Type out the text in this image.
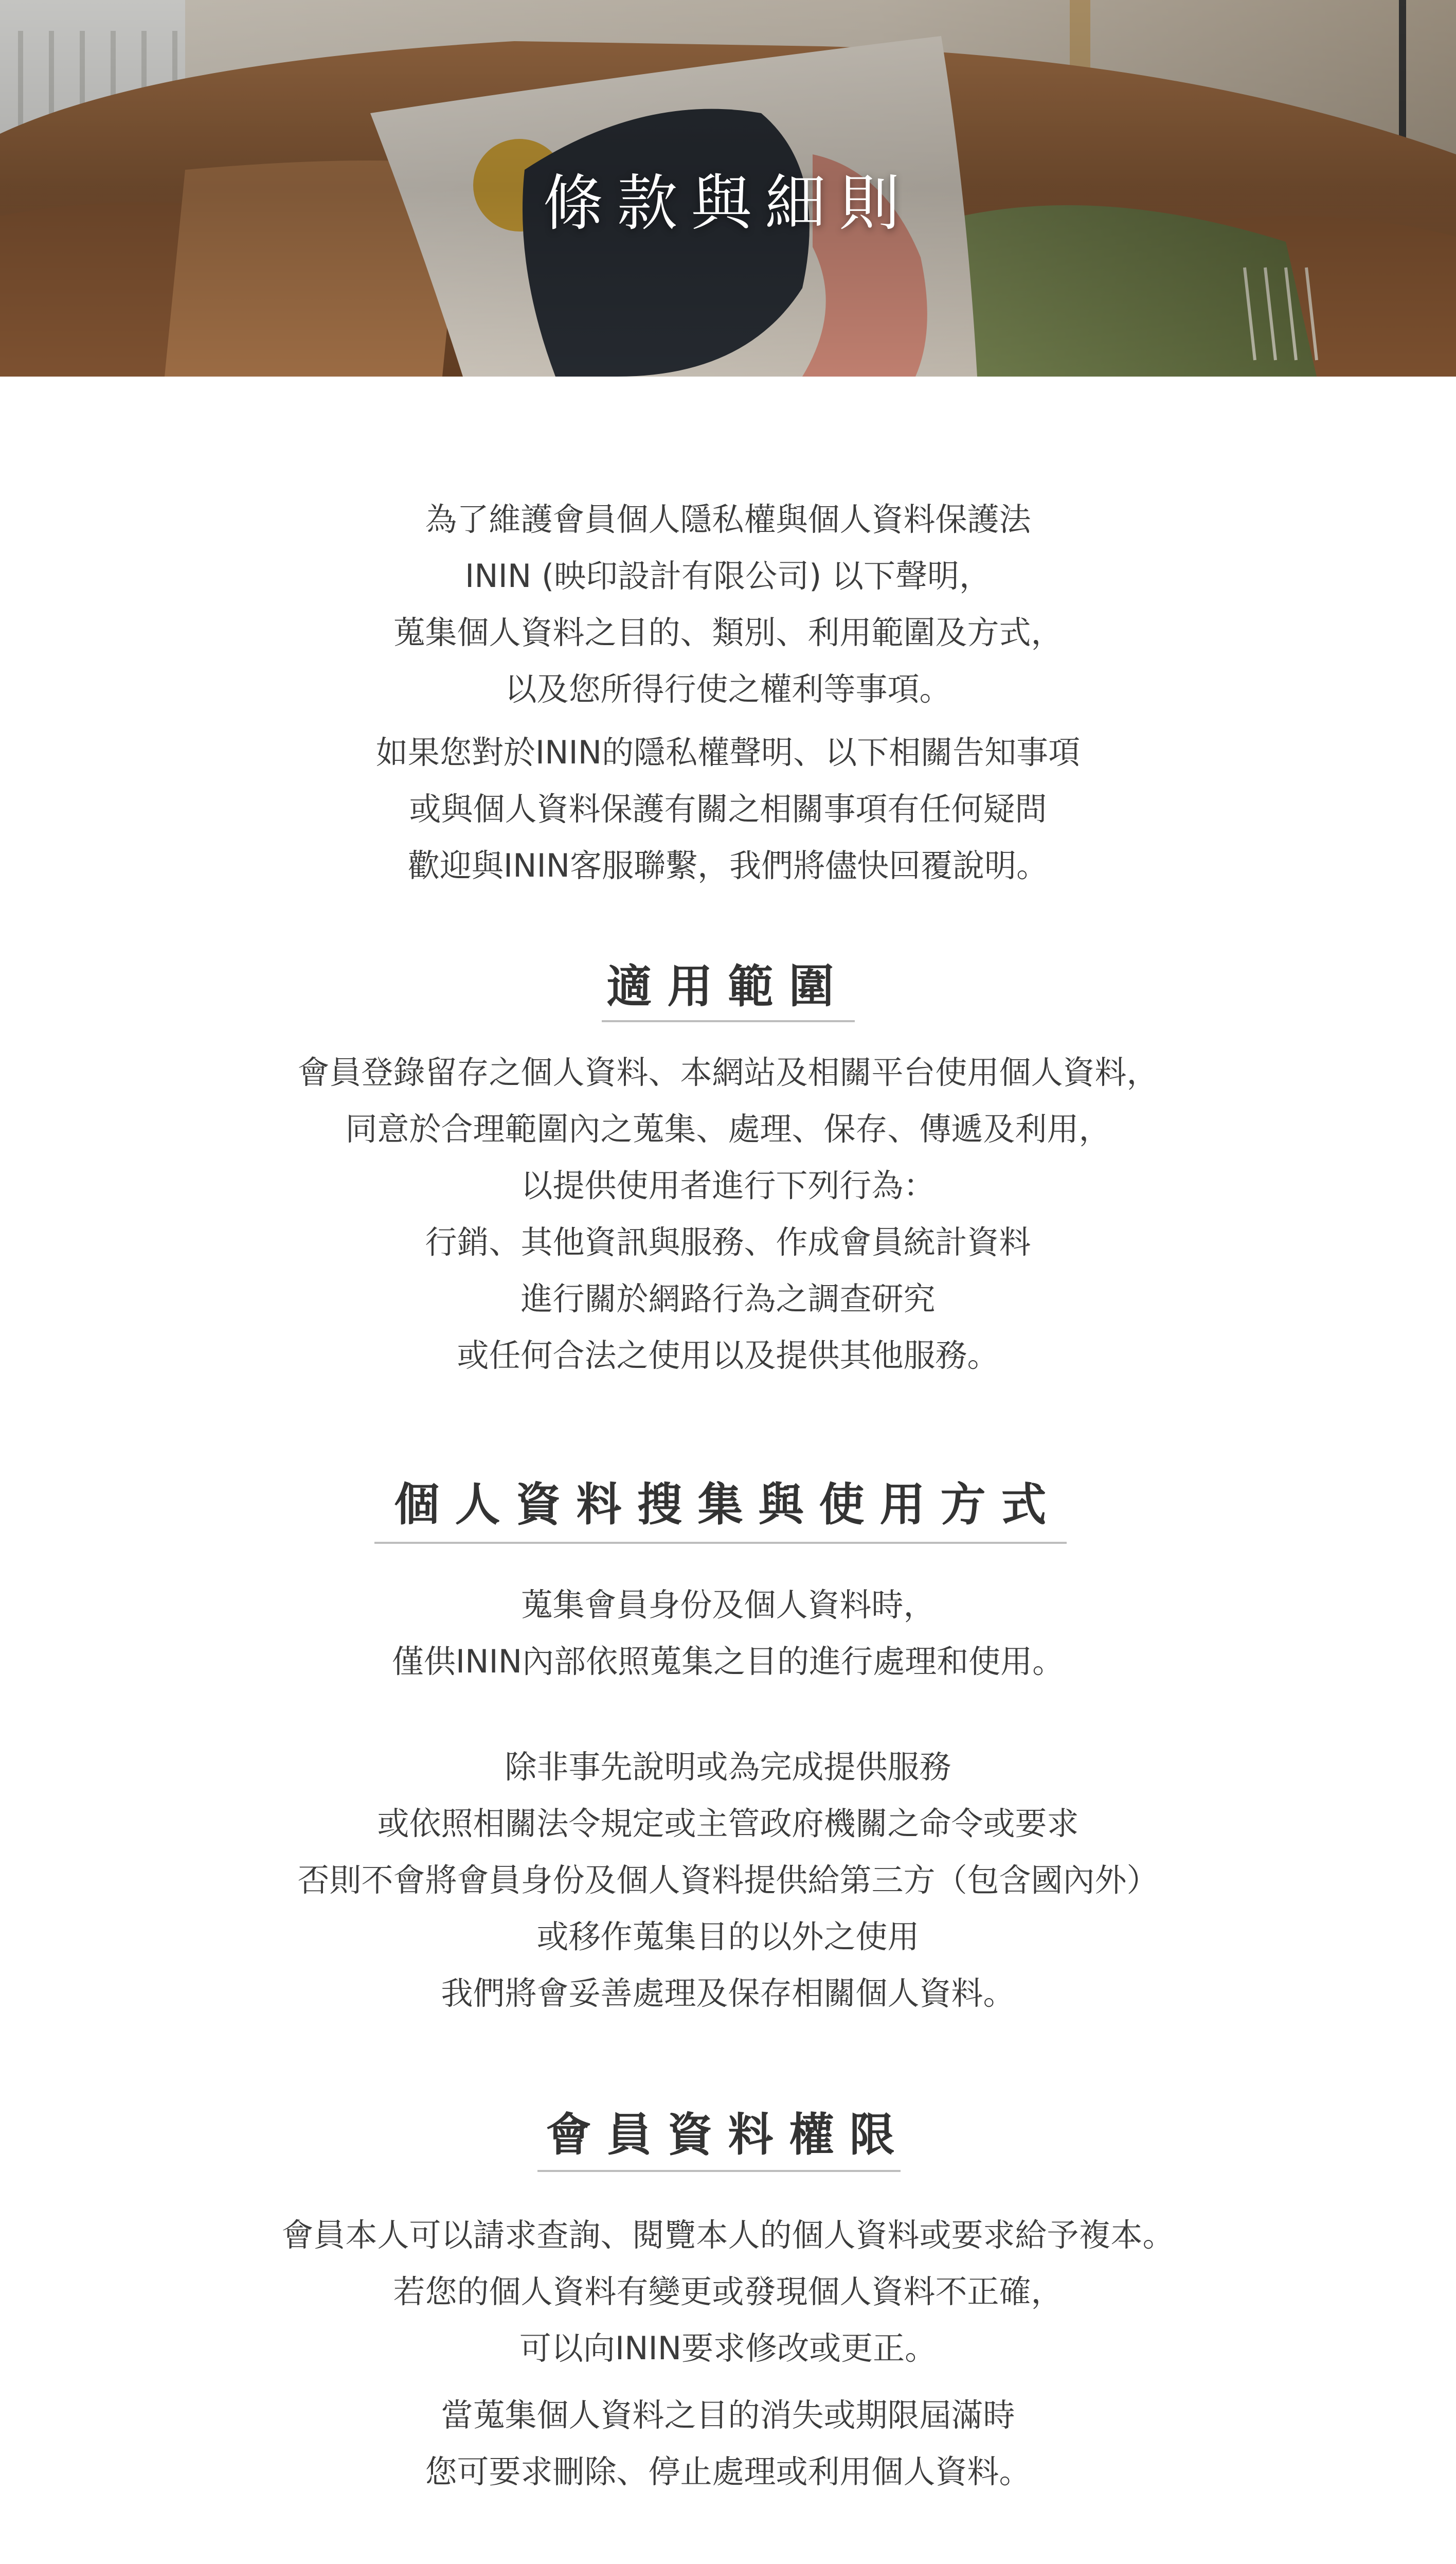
條款與細則
為了維護會員個人隱私權與個人資料保護法
ININ (映印設計有限公司) 以下聲明，
蒐集個人資料之目的、類別、利用範圍及方式，
以及您所得行使之權利等事項。
如果您對於ININ的隱私權聲明、以下相關告知事項
或與個人資料保護有關之相關事項有任何疑問
歡迎與ININ客服聯繫，我們將儘快回覆說明。
適用範圍
會員登錄留存之個人資料、本網站及相關平台使用個人資料，
同意於合理範圍內之蒐集、處理、保存、傳遞及利用，
以提供使用者進行下列行為：
行銷、其他資訊與服務、作成會員統計資料
進行關於網路行為之調查研究
或任何合法之使用以及提供其他服務。
個人資料搜集與使用方式
蒐集會員身份及個人資料時，
僅供ININ內部依照蒐集之目的進行處理和使用。
除非事先說明或為完成提供服務
或依照相關法令規定或主管政府機關之命令或要求
否則不會將會員身份及個人資料提供給第三方（包含國內外）
或移作蒐集目的以外之使用
我們將會妥善處理及保存相關個人資料。
會員資料權限
會員本人可以請求查詢、閱覽本人的個人資料或要求給予複本。
若您的個人資料有變更或發現個人資料不正確，
可以向ININ要求修改或更正。
當蒐集個人資料之目的消失或期限屆滿時
您可要求刪除、停止處理或利用個人資料。
